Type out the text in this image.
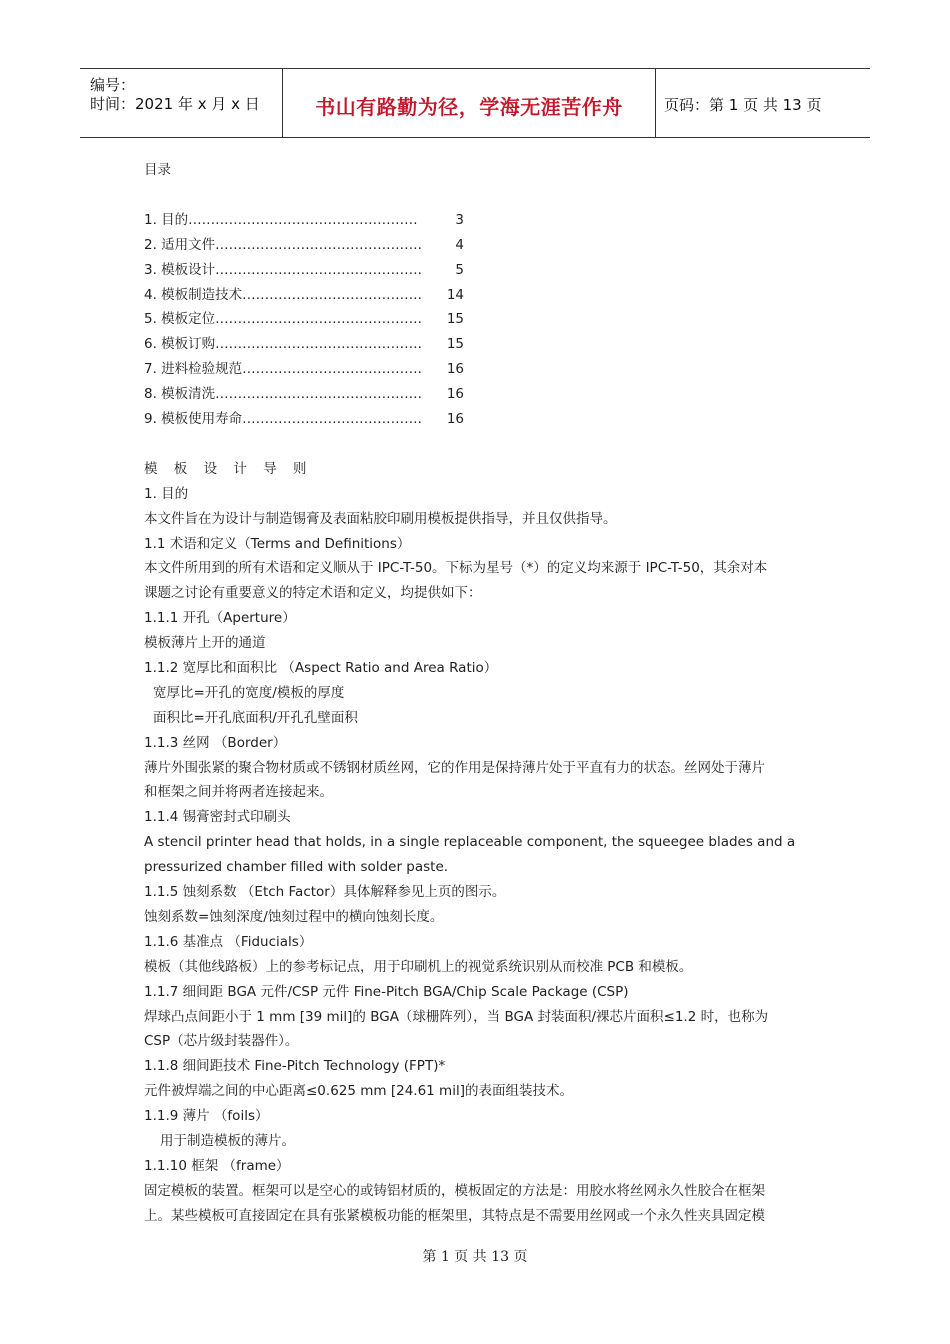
编号：
时间：2021 年 x 月 x 日	书山有路勤为径，学海无涯苦作舟	页码：第 1 页 共 13 页
目录
1. 目的……………………………………………	3
2. 适用文件………………………………………. 4
3. 模板设计………………………………………. 5
4. 模板制造技术…………………………………. 14
5. 模板定位………………………………………. 15
6. 模板订购………………………………………. 15
7. 进料检验规范…………………………………. 16
8. 模板清洗………………………………………. 16
9. 模板使用寿命…………………………………. 16
模 板 设 计 导 则
1. 目的
本文件旨在为设计与制造锡膏及表面粘胶印刷用模板提供指导，并且仅供指导。
1.1 术语和定义（Terms and Definitions）
本文件所用到的所有术语和定义顺从于 IPC-T-50。下标为星号（*）的定义均来源于 IPC-T-50，其余对本
课题之讨论有重要意义的特定术语和定义，均提供如下：
1.1.1 开孔（Aperture）
模板薄片上开的通道
1.1.2 宽厚比和面积比 （Aspect Ratio and Area Ratio）
宽厚比=开孔的宽度/模板的厚度
面积比=开孔底面积/开孔孔壁面积
1.1.3 丝网 （Border）
薄片外围张紧的聚合物材质或不锈钢材质丝网，它的作用是保持薄片处于平直有力的状态。丝网处于薄片
和框架之间并将两者连接起来。
1.1.4 锡膏密封式印刷头
A stencil printer head that holds, in a single replaceable component, the squeegee blades and a
pressurized chamber filled with solder paste.
1.1.5 蚀刻系数 （Etch Factor）具体解释参见上页的图示。
蚀刻系数=蚀刻深度/蚀刻过程中的横向蚀刻长度。
1.1.6 基准点 （Fiducials）
模板（其他线路板）上的参考标记点，用于印刷机上的视觉系统识别从而校准 PCB 和模板。
1.1.7 细间距 BGA 元件/CSP 元件 Fine-Pitch BGA/Chip Scale Package (CSP)
焊球凸点间距小于 1 mm [39 mil]的 BGA（球栅阵列），当 BGA 封装面积/裸芯片面积≤1.2 时，也称为
CSP（芯片级封装器件）。
1.1.8 细间距技术 Fine-Pitch Technology (FPT)*
元件被焊端之间的中心距离≤0.625 mm [24.61 mil]的表面组装技术。
1.1.9 薄片 （foils）
用于制造模板的薄片。
1.1.10 框架 （frame）
固定模板的装置。框架可以是空心的或铸铝材质的，模板固定的方法是：用胶水将丝网永久性胶合在框架
上。某些模板可直接固定在具有张紧模板功能的框架里，其特点是不需要用丝网或一个永久性夹具固定模
第 1 页 共 13 页
